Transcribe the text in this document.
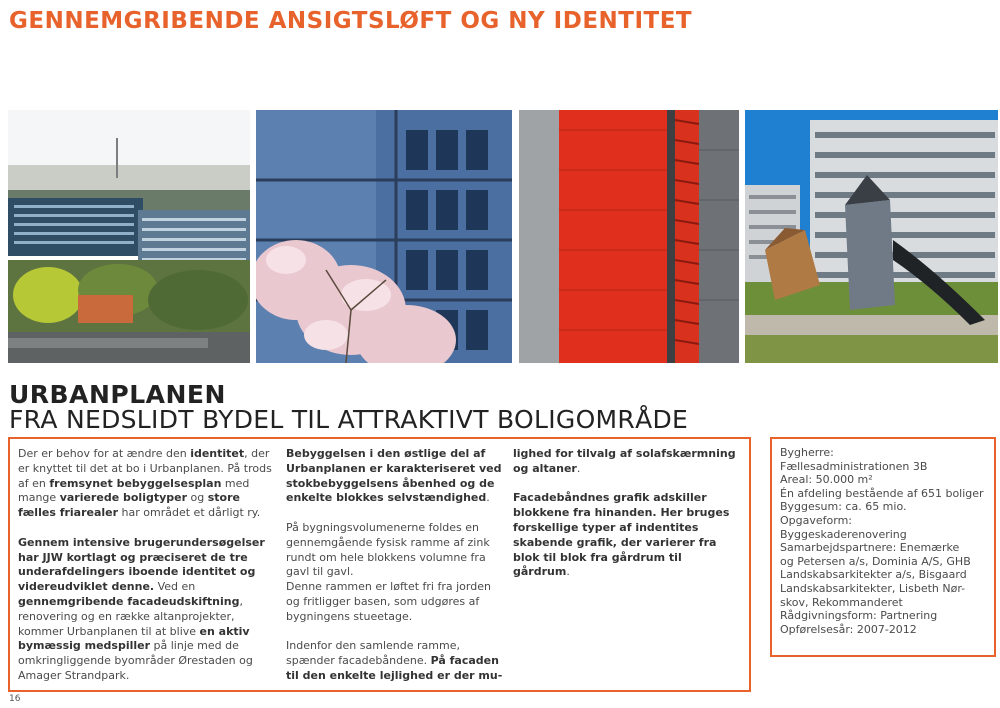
GENNEMGRIBENDE ANSIGTSLØFT OG NY IDENTITET
URBANPLANEN
FRA NEDSLIDT BYDEL TIL ATTRAKTIVT BOLIGOMRÅDE

Der er behov for at ændre den identitet, der er knyttet til det at bo i Urbanplanen. På trods af en fremsynet bebyggelsesplan med mange varierede boligtyper og store fælles friarealer har området et dårligt ry.

Gennem intensive brugerundersøgelser har JJW kortlagt og præciseret de tre underafdelingers iboende identitet og videreudviklet denne. Ved en gennemgribende facadeudskiftning, renovering og en række altanprojekter, kommer Urbanplanen til at blive en aktiv bymæssig medspiller på linje med de omkringliggende byområder Ørestaden og Amager Strandpark.

Bebyggelsen i den østlige del af Urbanplanen er karakteriseret ved stokbebyggelsens åbenhed og de enkelte blokkes selvstændighed.

På bygningsvolumenerne foldes en gennemgående fysisk ramme af zink rundt om hele blokkens volumne fra gavl til gavl.

Denne rammen er løftet fri fra jorden og fritligger basen, som udgøres af bygningens stueetage.

Indenfor den samlende ramme, spænder facadebåndene. På facaden til den enkelte lejlighed er der mu-

lighed for tilvalg af solafskærmning og altaner.

Facadebåndnes grafik adskiller blokkene fra hinanden. Her bruges forskellige typer af indentites skabende grafik, der varierer fra blok til blok fra gårdrum til gårdrum.

Bygherre:
Fællesadministrationen 3B
Areal: 50.000 m²
Én afdeling bestående af 651 boliger
Byggesum: ca. 65 mio.
Opgaveform:
Byggeskaderenovering
Samarbejdspartnere: Enemærke
og Petersen a/s, Dominia A/S, GHB
Landskabsarkitekter a/s, Bisgaard
Landskabsarkitekter, Lisbeth Nør-
skov, Rekommanderet
Rådgivningsform: Partnering
Opførelsesår: 2007-2012
16
